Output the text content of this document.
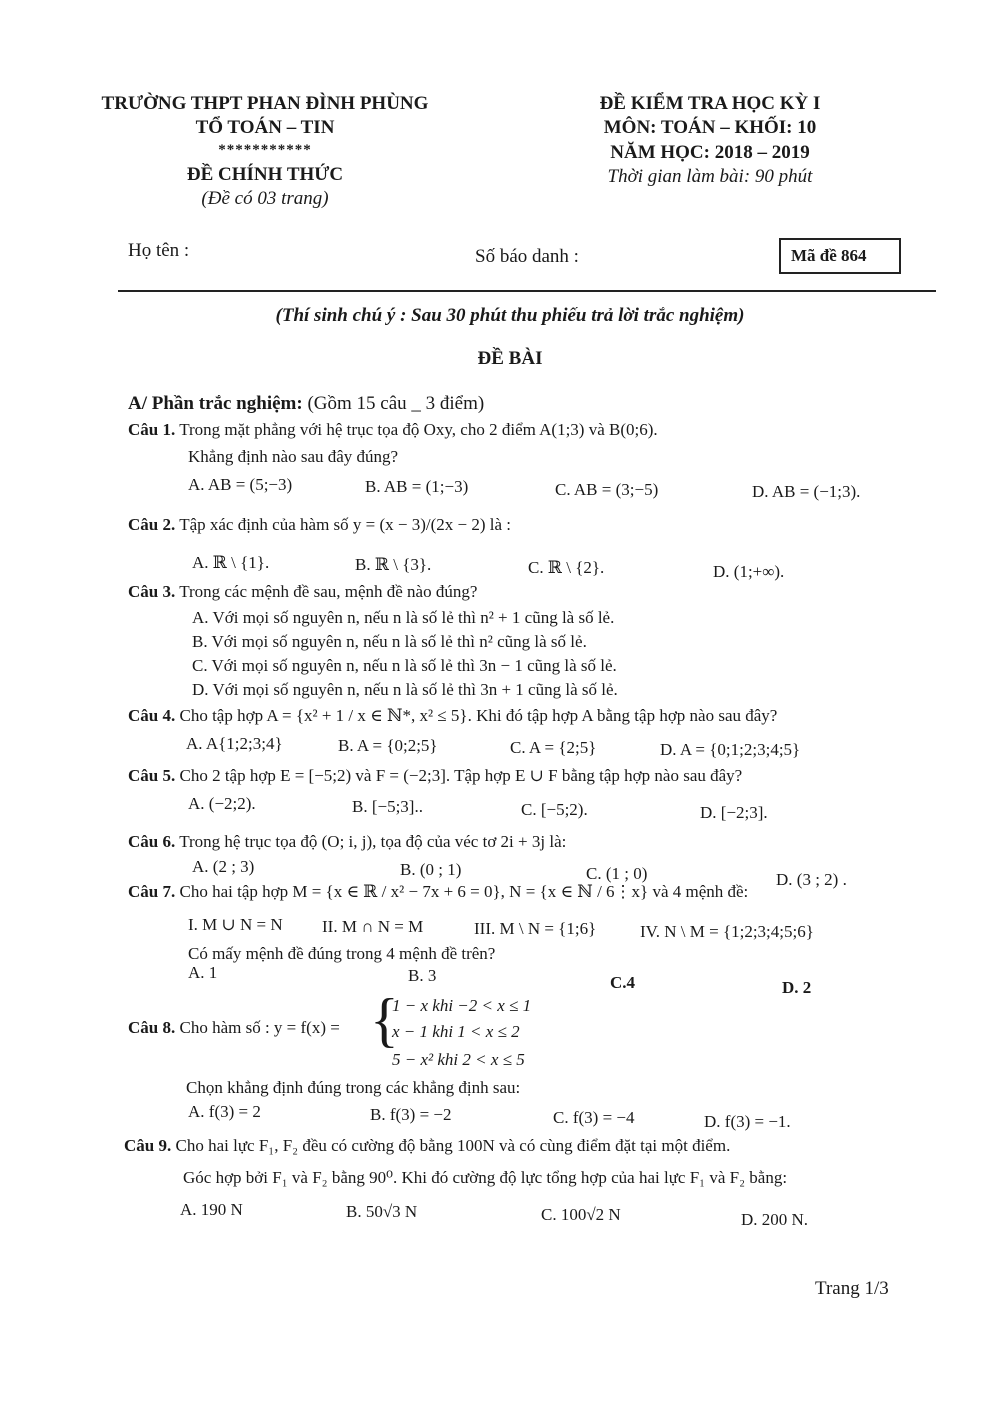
TRƯỜNG THPT PHAN ĐÌNH PHÙNG
TỔ TOÁN – TIN
***********
ĐỀ CHÍNH THỨC
(Đề có 03 trang)
ĐỀ KIỂM TRA HỌC KỲ I
MÔN: TOÁN – KHỐI: 10
NĂM HỌC: 2018 – 2019
Thời gian làm bài: 90 phút
Họ tên :	Số báo danh :	Mã đề 864
(Thí sinh chú ý : Sau 30 phút thu phiếu trả lời trắc nghiệm)
ĐỀ BÀI
A/ Phần trắc nghiệm: (Gồm 15 câu _ 3 điểm)
Câu 1. Trong mặt phẳng với hệ trục tọa độ Oxy, cho 2 điểm A(1;3) và B(0;6).
Khẳng định nào sau đây đúng?
A. AB = (5;−3)	B. AB = (1;−3)	C. AB = (3;−5)	D. AB = (−1;3).
Câu 2. Tập xác định của hàm số y = (x − 3)/(2x − 2) là :
A. ℝ \ {1}.	B. ℝ \ {3}.	C. ℝ \ {2}.	D. (1;+∞).
Câu 3. Trong các mệnh đề sau, mệnh đề nào đúng?
A. Với mọi số nguyên n, nếu n là số lẻ thì n² + 1 cũng là số lẻ.
B. Với mọi số nguyên n, nếu n là số lẻ thì n² cũng là số lẻ.
C. Với mọi số nguyên n, nếu n là số lẻ thì 3n − 1 cũng là số lẻ.
D. Với mọi số nguyên n, nếu n là số lẻ thì 3n + 1 cũng là số lẻ.
Câu 4. Cho tập hợp A = {x² + 1 / x ∈ ℕ*, x² ≤ 5}. Khi đó tập hợp A bằng tập hợp nào sau đây?
A. A{1;2;3;4}	B. A = {0;2;5}	C. A = {2;5}	D. A = {0;1;2;3;4;5}
Câu 5. Cho 2 tập hợp E = [−5;2) và F = (−2;3]. Tập hợp E ∪ F bằng tập hợp nào sau đây?
A. (−2;2).	B. [−5;3]..	C. [−5;2).	D. [−2;3].
Câu 6. Trong hệ trục tọa độ (O; i, j), tọa độ của véc tơ 2i + 3j là:
A. (2 ; 3)	B. (0 ; 1)	C. (1 ; 0)	D. (3 ; 2) .
Câu 7. Cho hai tập hợp M = {x ∈ ℝ / x² − 7x + 6 = 0}, N = {x ∈ ℕ / 6⋮x} và 4 mệnh đề:
I. M ∪ N = N II. M ∩ N = M	III. M \ N = {1;6}	IV. N \ M = {1;2;3;4;5;6}
Có mấy mệnh đề đúng trong 4 mệnh đề trên?
A. 1	B. 3	C.4	D. 2
Câu 8. Cho hàm số : y = f(x) = {
1 − x khi −2 < x ≤ 1
x − 1 khi 1 < x ≤ 2
5 − x² khi 2 < x ≤ 5
Chọn khẳng định đúng trong các khẳng định sau:
A. f(3) = 2	B. f(3) = −2	C. f(3) = −4	D. f(3) = −1.
Câu 9. Cho hai lực F₁, F₂ đều có cường độ bằng 100N và có cùng điểm đặt tại một điểm.
Góc hợp bởi F₁ và F₂ bằng 90⁰. Khi đó cường độ lực tổng hợp của hai lực F₁ và F₂ bằng:
A. 190 N	B. 50√3 N	C. 100√2 N	D. 200 N.
Trang 1/3
